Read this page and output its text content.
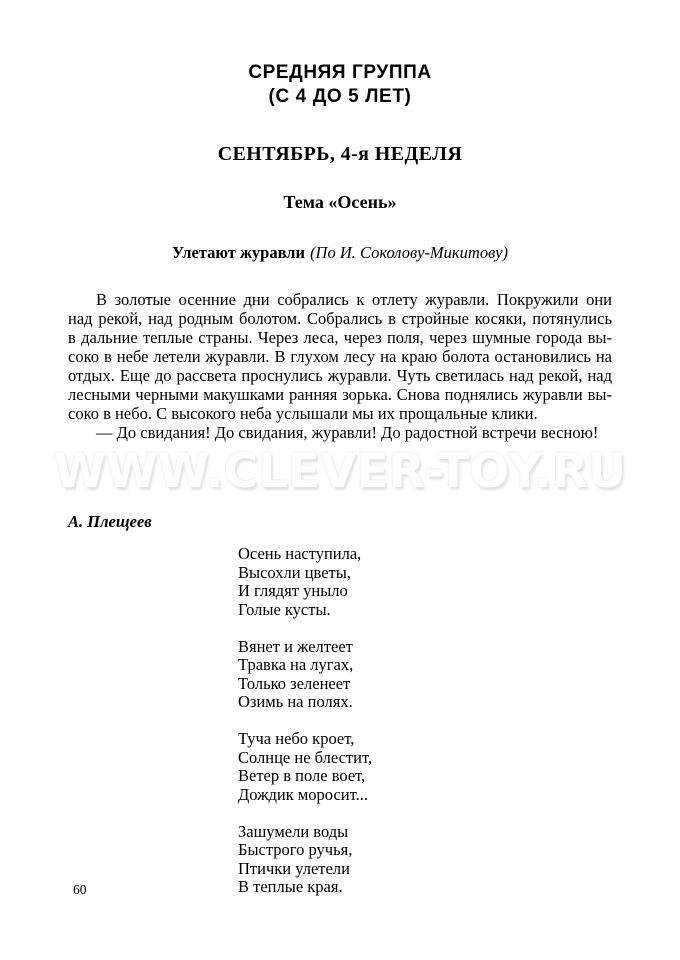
СРЕДНЯЯ ГРУППА
(С 4 ДО 5 ЛЕТ)
СЕНТЯБРЬ, 4-я НЕДЕЛЯ
Тема «Осень»
Улетают журавли (По И. Соколову-Микитову)
В золотые осенние дни собрались к отлету журавли. Покружили они
над рекой, над родным болотом. Собрались в стройные косяки, потянулись
в дальние теплые страны. Через леса, через поля, через шумные города вы-
соко в небе летели журавли. В глухом лесу на краю болота остановились на
отдых. Еще до рассвета проснулись журавли. Чуть светилась над рекой, над
лесными черными макушками ранняя зорька. Снова поднялись журавли вы-
соко в небо. С высокого неба услышали мы их прощальные клики.
— До свидания! До свидания, журавли! До радостной встречи весною!
WWW.CLEVER-TOY.RU
А. Плещеев
Осень наступила,
Высохли цветы,
И глядят уныло
Голые кусты.
Вянет и желтеет
Травка на лугах,
Только зеленеет
Озимь на полях.
Туча небо кроет,
Солнце не блестит,
Ветер в поле воет,
Дождик моросит...
Зашумели воды
Быстрого ручья,
Птички улетели
В теплые края.
60
